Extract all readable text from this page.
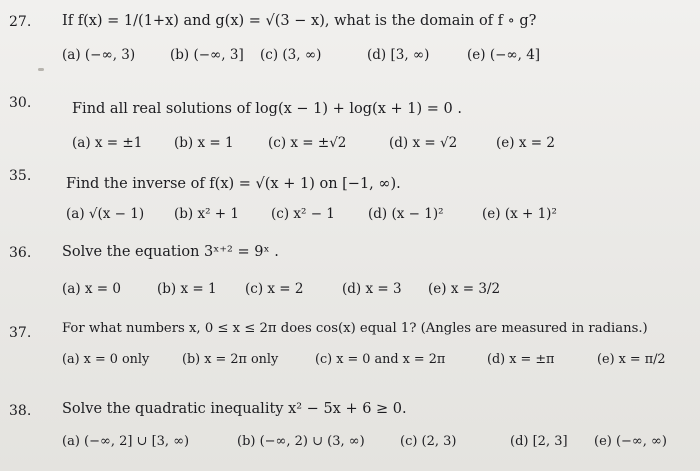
27. If f(x) = 1/(1+x) and g(x) = √(3 − x), what is the domain of f ∘ g?
(a) (−∞, 3)	(b) (−∞, 3] (c) (3, ∞)	(d) [3, ∞)	(e) (−∞, 4]
30.	Find all real solutions of log(x − 1) + log(x + 1) = 0 .
(a) x = ±1 (b) x = 1	(c) x = ±√2	(d) x = √2	(e) x = 2
35. Find the inverse of f(x) = √(x + 1) on [−1, ∞).
(a) √(x − 1) (b) x² + 1 (c) x² − 1 (d) (x − 1)²	(e) (x + 1)²
36. Solve the equation 3ˣ⁺² = 9ˣ .
(a) x = 0	(b) x = 1 (c) x = 2	(d) x = 3 (e) x = 3/2
37. For what numbers x, 0 ≤ x ≤ 2π does cos(x) equal 1? (Angles are measured in radians.)
(a) x = 0 only	(b) x = 2π only	(c) x = 0 and x = 2π	(d) x = ±π	(e) x = π/2
38. Solve the quadratic inequality x² − 5x + 6 ≥ 0.
(a) (−∞, 2] ∪ [3, ∞)	(b) (−∞, 2) ∪ (3, ∞)	(c) (2, 3)	(d) [2, 3] (e) (−∞, ∞)
